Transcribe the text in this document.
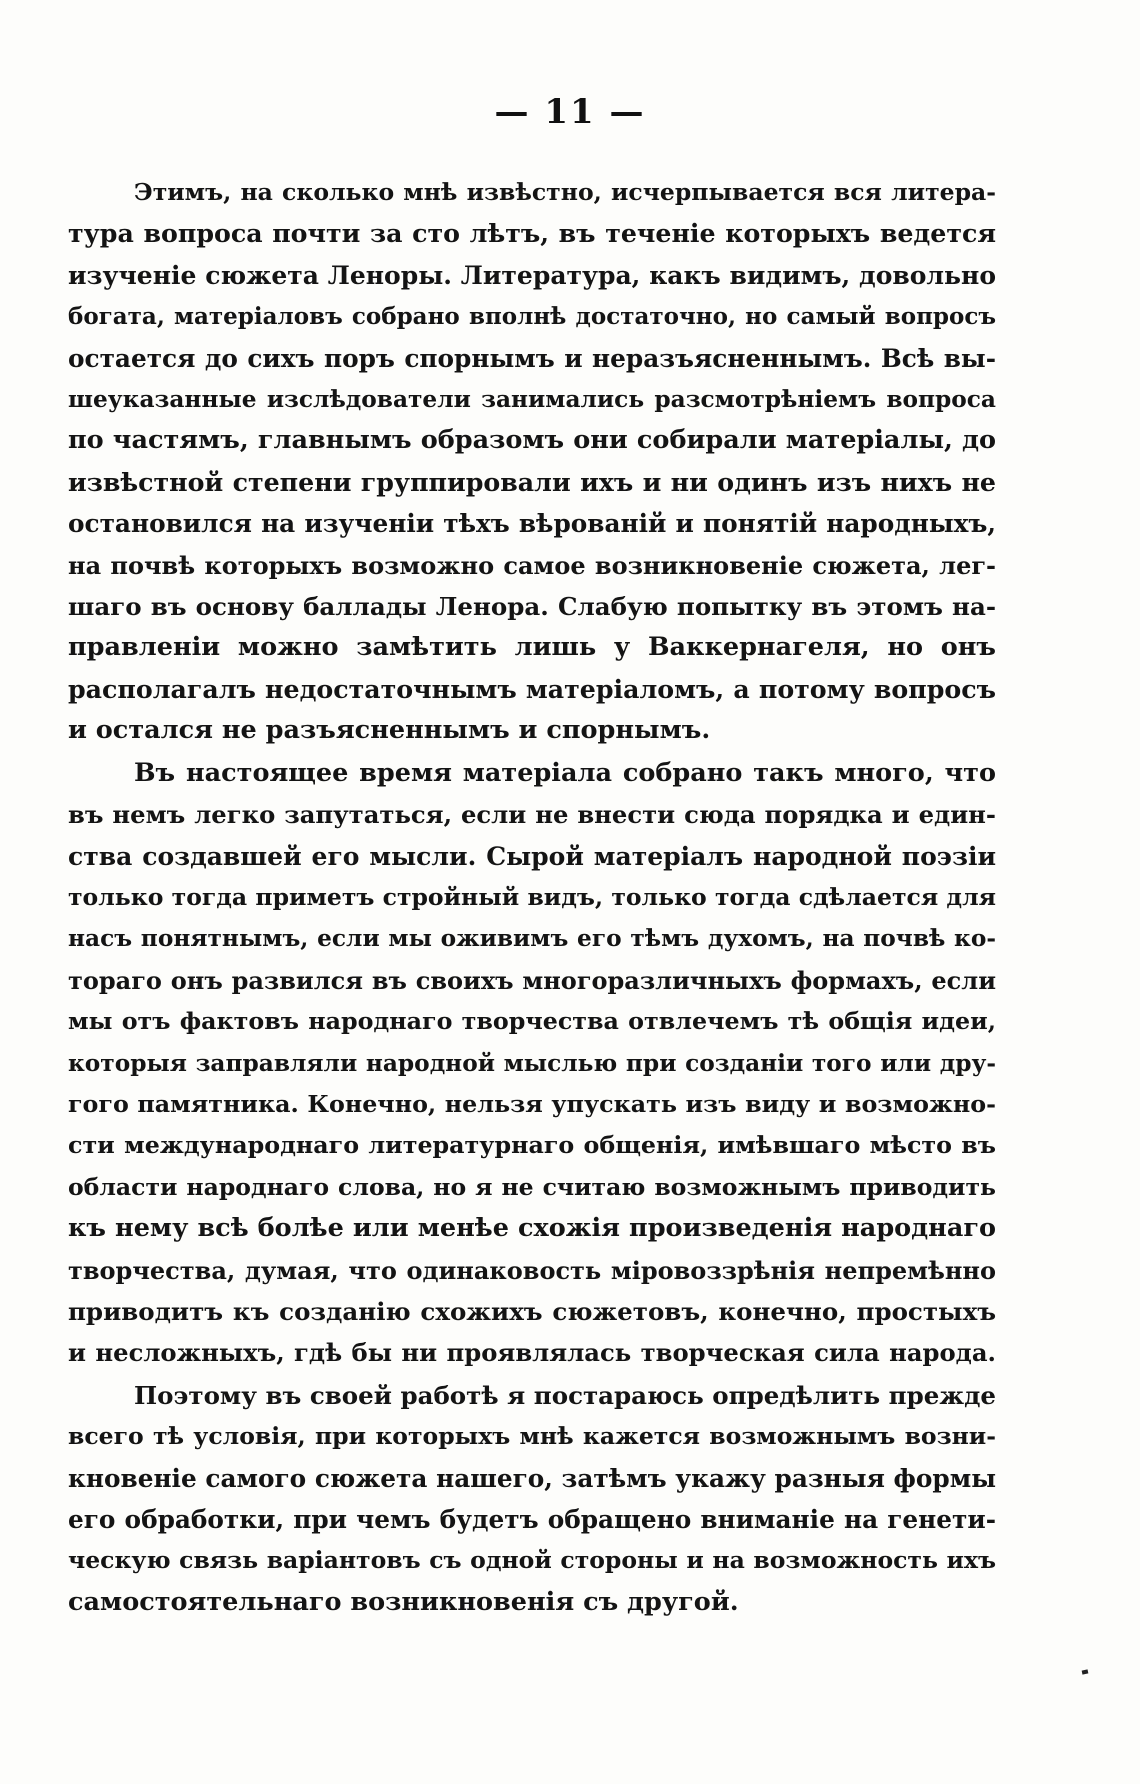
— 11 —
Этимъ, на сколько мнѣ извѣстно, исчерпывается вся литера-
тура вопроса почти за сто лѣтъ, въ теченіе которыхъ ведется
изученіе сюжета Леноры. Литература, какъ видимъ, довольно
богата, матеріаловъ собрано вполнѣ достаточно, но самый вопросъ
остается до сихъ поръ спорнымъ и неразъясненнымъ. Всѣ вы-
шеуказанные изслѣдователи занимались разсмотрѣніемъ вопроса
по частямъ, главнымъ образомъ они собирали матеріалы, до
извѣстной степени группировали ихъ и ни одинъ изъ нихъ не
остановился на изученіи тѣхъ вѣрованій и понятій народныхъ,
на почвѣ которыхъ возможно самое возникновеніе сюжета, лег-
шаго въ основу баллады Ленора. Слабую попытку въ этомъ на-
правленіи можно замѣтить лишь у Ваккернагеля, но онъ
располагалъ недостаточнымъ матеріаломъ, а потому вопросъ
и остался не разъясненнымъ и спорнымъ.
Въ настоящее время матеріала собрано такъ много, что
въ немъ легко запутаться, если не внести сюда порядка и един-
ства создавшей его мысли. Сырой матеріалъ народной поэзіи
только тогда приметъ стройный видъ, только тогда сдѣлается для
насъ понятнымъ, если мы оживимъ его тѣмъ духомъ, на почвѣ ко-
тораго онъ развился въ своихъ многоразличныхъ формахъ, если
мы отъ фактовъ народнаго творчества отвлечемъ тѣ общія идеи,
которыя заправляли народной мыслью при созданіи того или дру-
гого памятника. Конечно, нельзя упускать изъ виду и возможно-
сти международнаго литературнаго общенія, имѣвшаго мѣсто въ
области народнаго слова, но я не считаю возможнымъ приводить
къ нему всѣ болѣе или менѣе схожія произведенія народнаго
творчества, думая, что одинаковость міровоззрѣнія непремѣнно
приводитъ къ созданію схожихъ сюжетовъ, конечно, простыхъ
и несложныхъ, гдѣ бы ни проявлялась творческая сила народа.
Поэтому въ своей работѣ я постараюсь опредѣлить прежде
всего тѣ условія, при которыхъ мнѣ кажется возможнымъ возни-
кновеніе самого сюжета нашего, затѣмъ укажу разныя формы
его обработки, при чемъ будетъ обращено вниманіе на генети-
ческую связь варіантовъ съ одной стороны и на возможность ихъ
самостоятельнаго возникновенія съ другой.
